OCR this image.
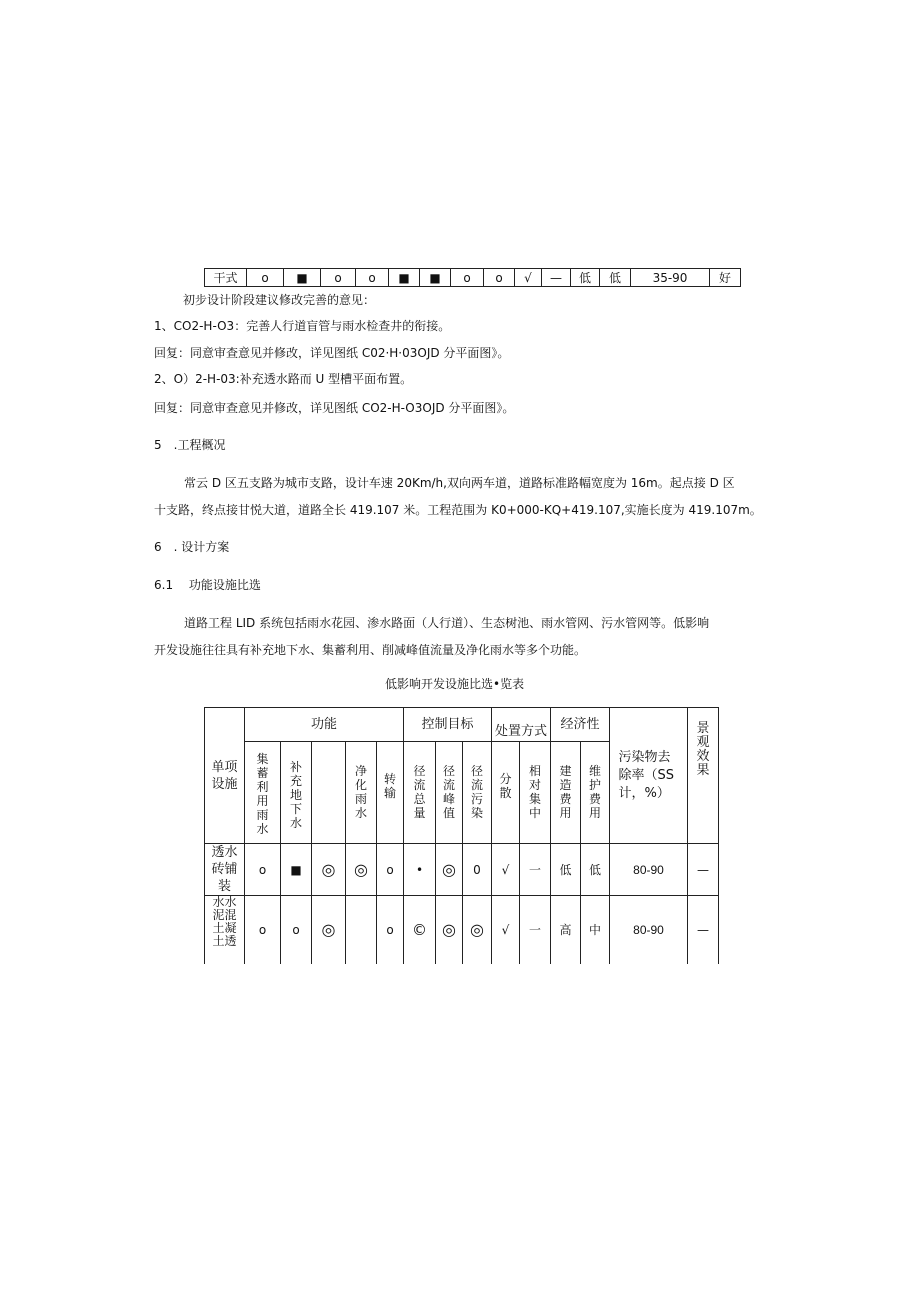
干式	o	■	o	o	■	■	o	o	√	—	低	低	35-90	好
初步设计阶段建议修改完善的意见：
1、CO2-H-O3：完善人行道盲管与雨水检查井的衔接。
回复：同意审查意见并修改，详见图纸 C02·H·03OJD 分平面图》。
2、O）2-H-03:补充透水路而 U 型槽平面布置。
回复：同意审查意见并修改，详见图纸 CO2-H-O3OJD 分平面图》。
5　.工程概况
常云 D 区五支路为城市支路，设计车速 20Km/h,双向两车道，道路标准路幅宽度为 16m。起点接 D 区
十支路，终点接甘悦大道，道路全长 419.107 米。工程范围为 K0+000-KQ+419.107,实施长度为 419.107m。
6　. 设计方案
6.1　 功能设施比选
道路工程 LID 系统包括雨水花园、渗水路面（人行道）、生态树池、雨水管网、污水管网等。低影响
开发设施往往具有补充地下水、集蓄利用、削减峰值流量及净化雨水等多个功能。
低影响开发设施比选•览表
单项设施	功能					控制目标			处置方式		经济性		污染物去除率（SS计，%）	景观效果
	集蓄利用雨水	补充地下水		净化雨水	转输	径流总量	径流峰值	径流污染	分散	相对集中	建造费用	维护费用		
透水砖铺装	o	■	◎	◎	o	•	◎	0	√	一	低	低	80-90	—
水水泥混土凝土透	o	o	◎		o	©	◎	◎	√	一	高	中	80-90	—
